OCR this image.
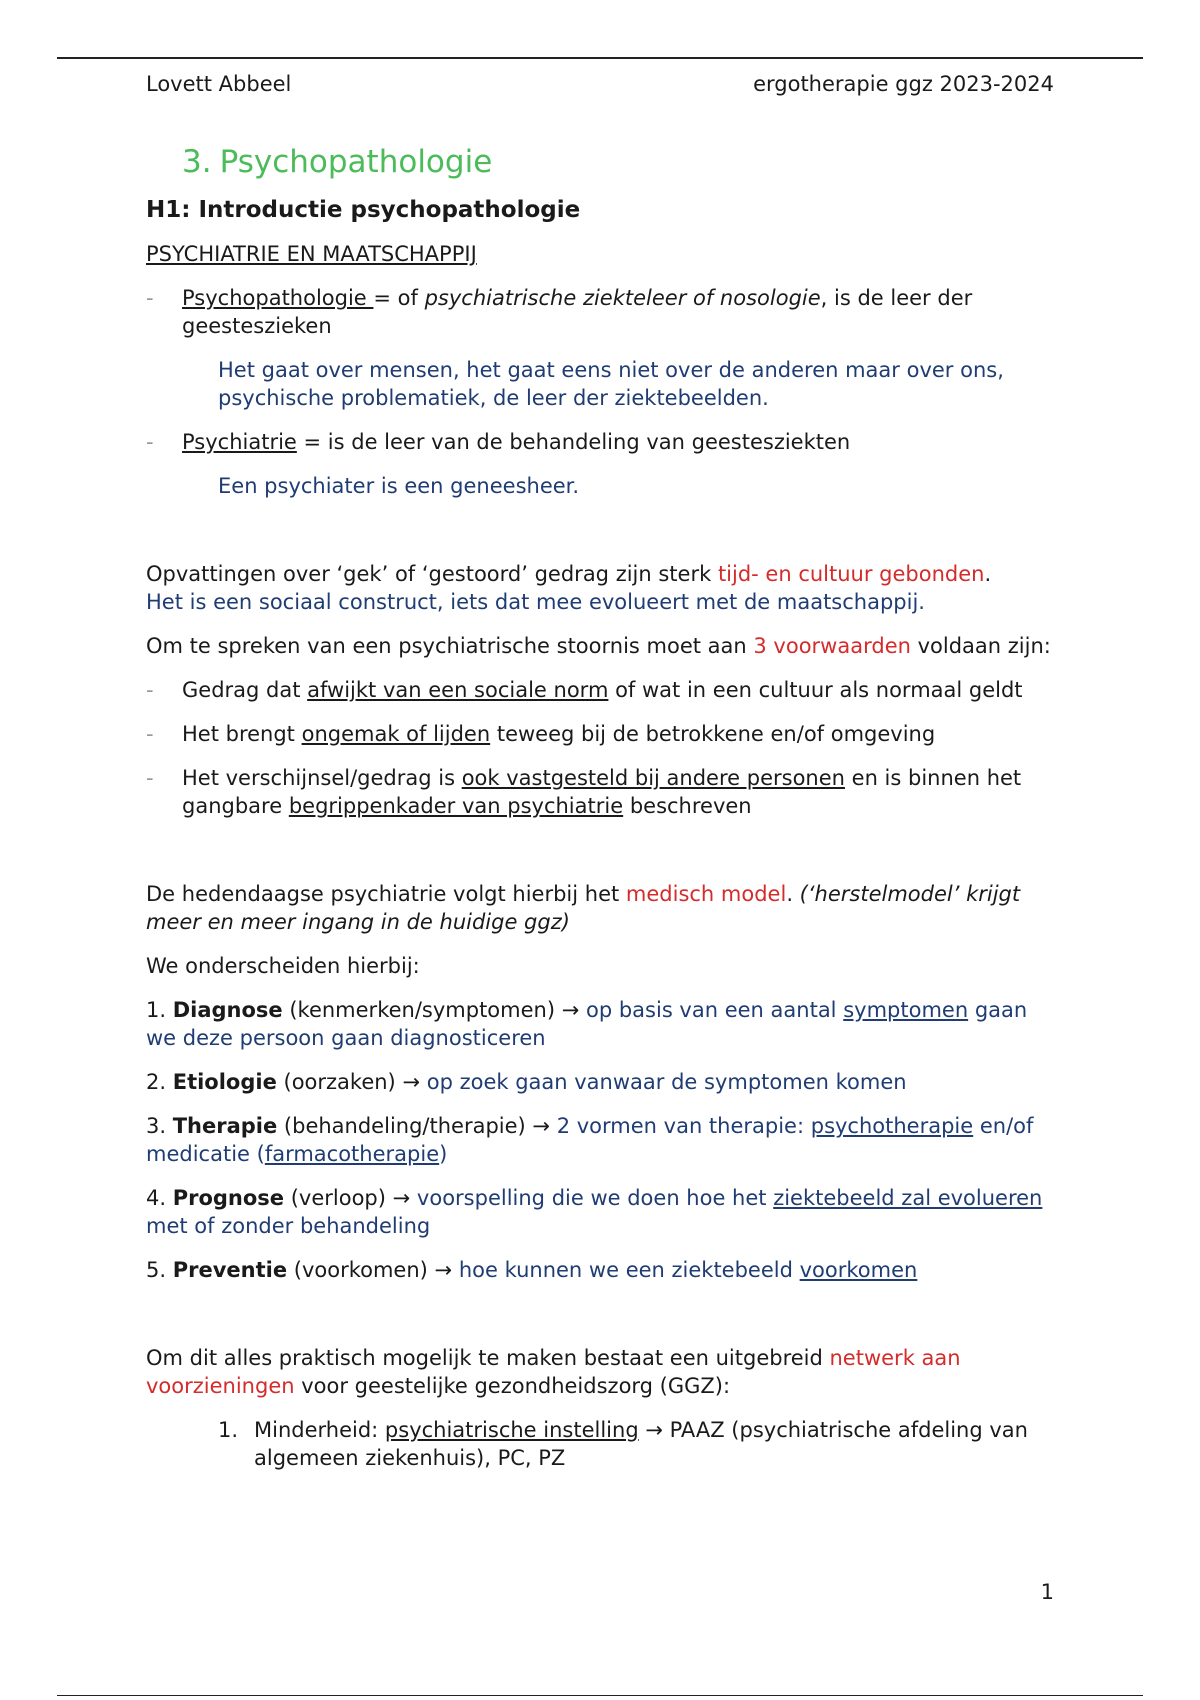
Lovett Abbeel	ergotherapie ggz 2023-2024
3. Psychopathologie
H1: Introductie psychopathologie
PSYCHIATRIE EN MAATSCHAPPIJ

- Psychopathologie = of psychiatrische ziekteleer of nosologie, is de leer der geesteszieken

Het gaat over mensen, het gaat eens niet over de anderen maar over ons, psychische problematiek, de leer der ziektebeelden.

- Psychiatrie = is de leer van de behandeling van geestesziekten

Een psychiater is een geneesheer.

Opvattingen over ‘gek’ of ‘gestoord’ gedrag zijn sterk tijd- en cultuur gebonden.
Het is een sociaal construct, iets dat mee evolueert met de maatschappij.

Om te spreken van een psychiatrische stoornis moet aan 3 voorwaarden voldaan zijn:

- Gedrag dat afwijkt van een sociale norm of wat in een cultuur als normaal geldt

- Het brengt ongemak of lijden teweeg bij de betrokkene en/of omgeving

- Het verschijnsel/gedrag is ook vastgesteld bij andere personen en is binnen het gangbare begrippenkader van psychiatrie beschreven

De hedendaagse psychiatrie volgt hierbij het medisch model. (‘herstelmodel’ krijgt meer en meer ingang in de huidige ggz)

We onderscheiden hierbij:

1. Diagnose (kenmerken/symptomen) → op basis van een aantal symptomen gaan we deze persoon gaan diagnosticeren

2. Etiologie (oorzaken) → op zoek gaan vanwaar de symptomen komen

3. Therapie (behandeling/therapie) → 2 vormen van therapie: psychotherapie en/of medicatie (farmacotherapie)

4. Prognose (verloop) → voorspelling die we doen hoe het ziektebeeld zal evolueren met of zonder behandeling

5. Preventie (voorkomen) → hoe kunnen we een ziektebeeld voorkomen

Om dit alles praktisch mogelijk te maken bestaat een uitgebreid netwerk aan voorzieningen voor geestelijke gezondheidszorg (GGZ):

1. Minderheid: psychiatrische instelling → PAAZ (psychiatrische afdeling van algemeen ziekenhuis), PC, PZ

1
